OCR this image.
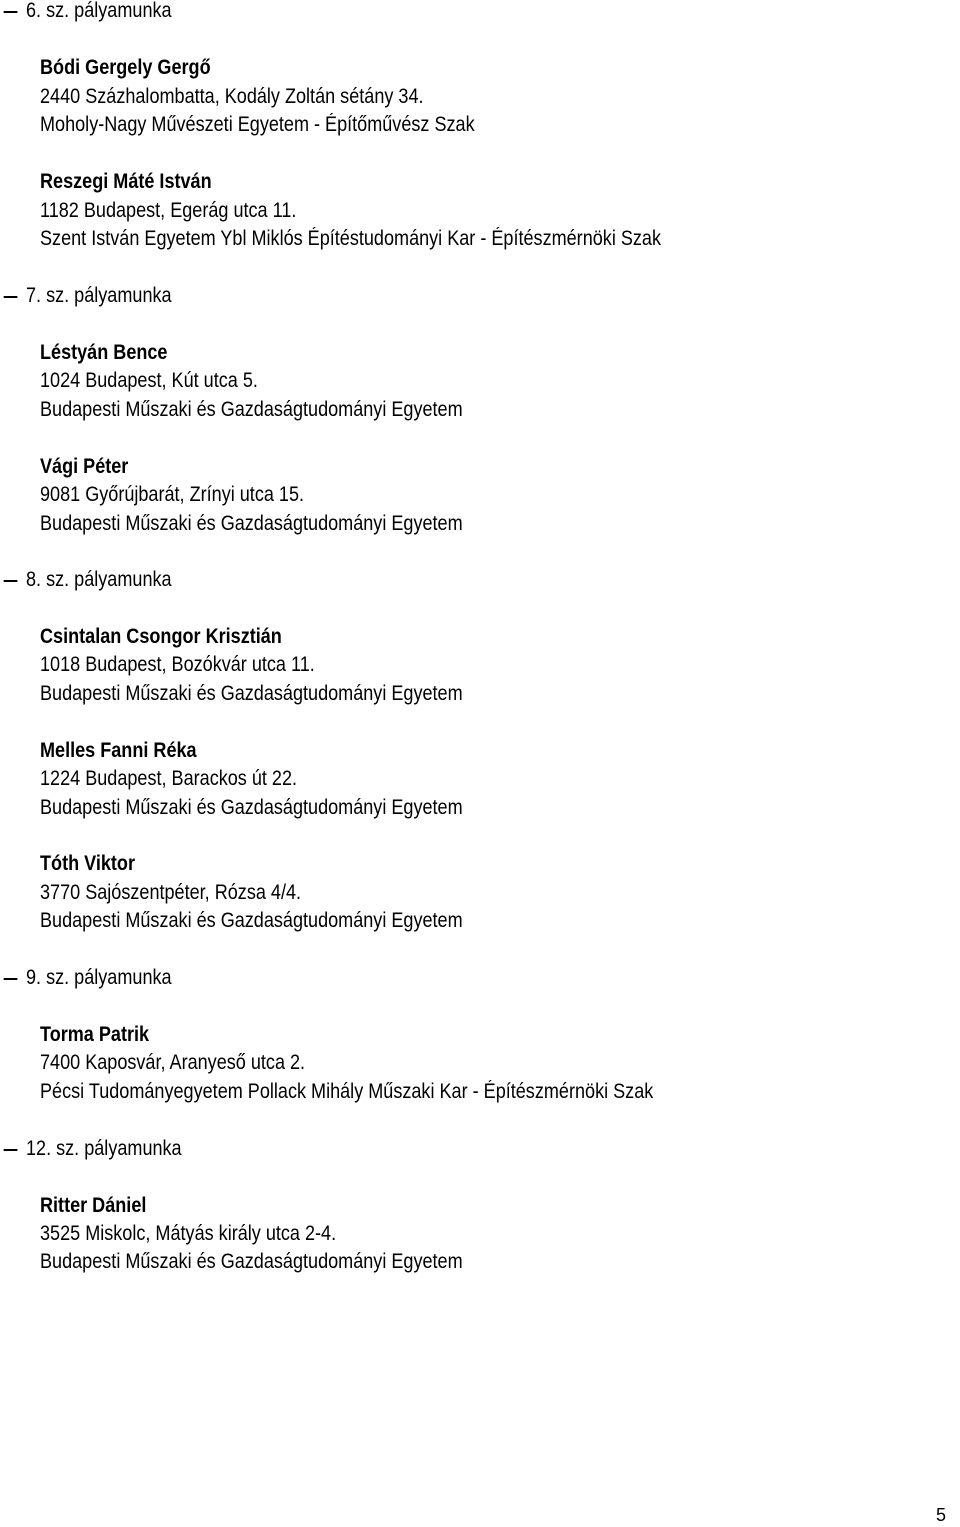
6. sz. pályamunka
Bódi Gergely Gergő
2440 Százhalombatta, Kodály Zoltán sétány 34.
Moholy-Nagy Művészeti Egyetem - Építőművész Szak
Reszegi Máté István
1182 Budapest, Egerág utca 11.
Szent István Egyetem Ybl Miklós Építéstudományi Kar - Építészmérnöki Szak
7. sz. pályamunka
Léstyán Bence
1024 Budapest, Kút utca 5.
Budapesti Műszaki és Gazdaságtudományi Egyetem
Vági Péter
9081 Győrújbarát, Zrínyi utca 15.
Budapesti Műszaki és Gazdaságtudományi Egyetem
8. sz. pályamunka
Csintalan Csongor Krisztián
1018 Budapest, Bozókvár utca 11.
Budapesti Műszaki és Gazdaságtudományi Egyetem
Melles Fanni Réka
1224 Budapest, Barackos út 22.
Budapesti Műszaki és Gazdaságtudományi Egyetem
Tóth Viktor
3770 Sajószentpéter, Rózsa 4/4.
Budapesti Műszaki és Gazdaságtudományi Egyetem
9. sz. pályamunka
Torma Patrik
7400 Kaposvár, Aranyeső utca 2.
Pécsi Tudományegyetem Pollack Mihály Műszaki Kar - Építészmérnöki Szak
12. sz. pályamunka
Ritter Dániel
3525 Miskolc, Mátyás király utca 2-4.
Budapesti Műszaki és Gazdaságtudományi Egyetem
5
